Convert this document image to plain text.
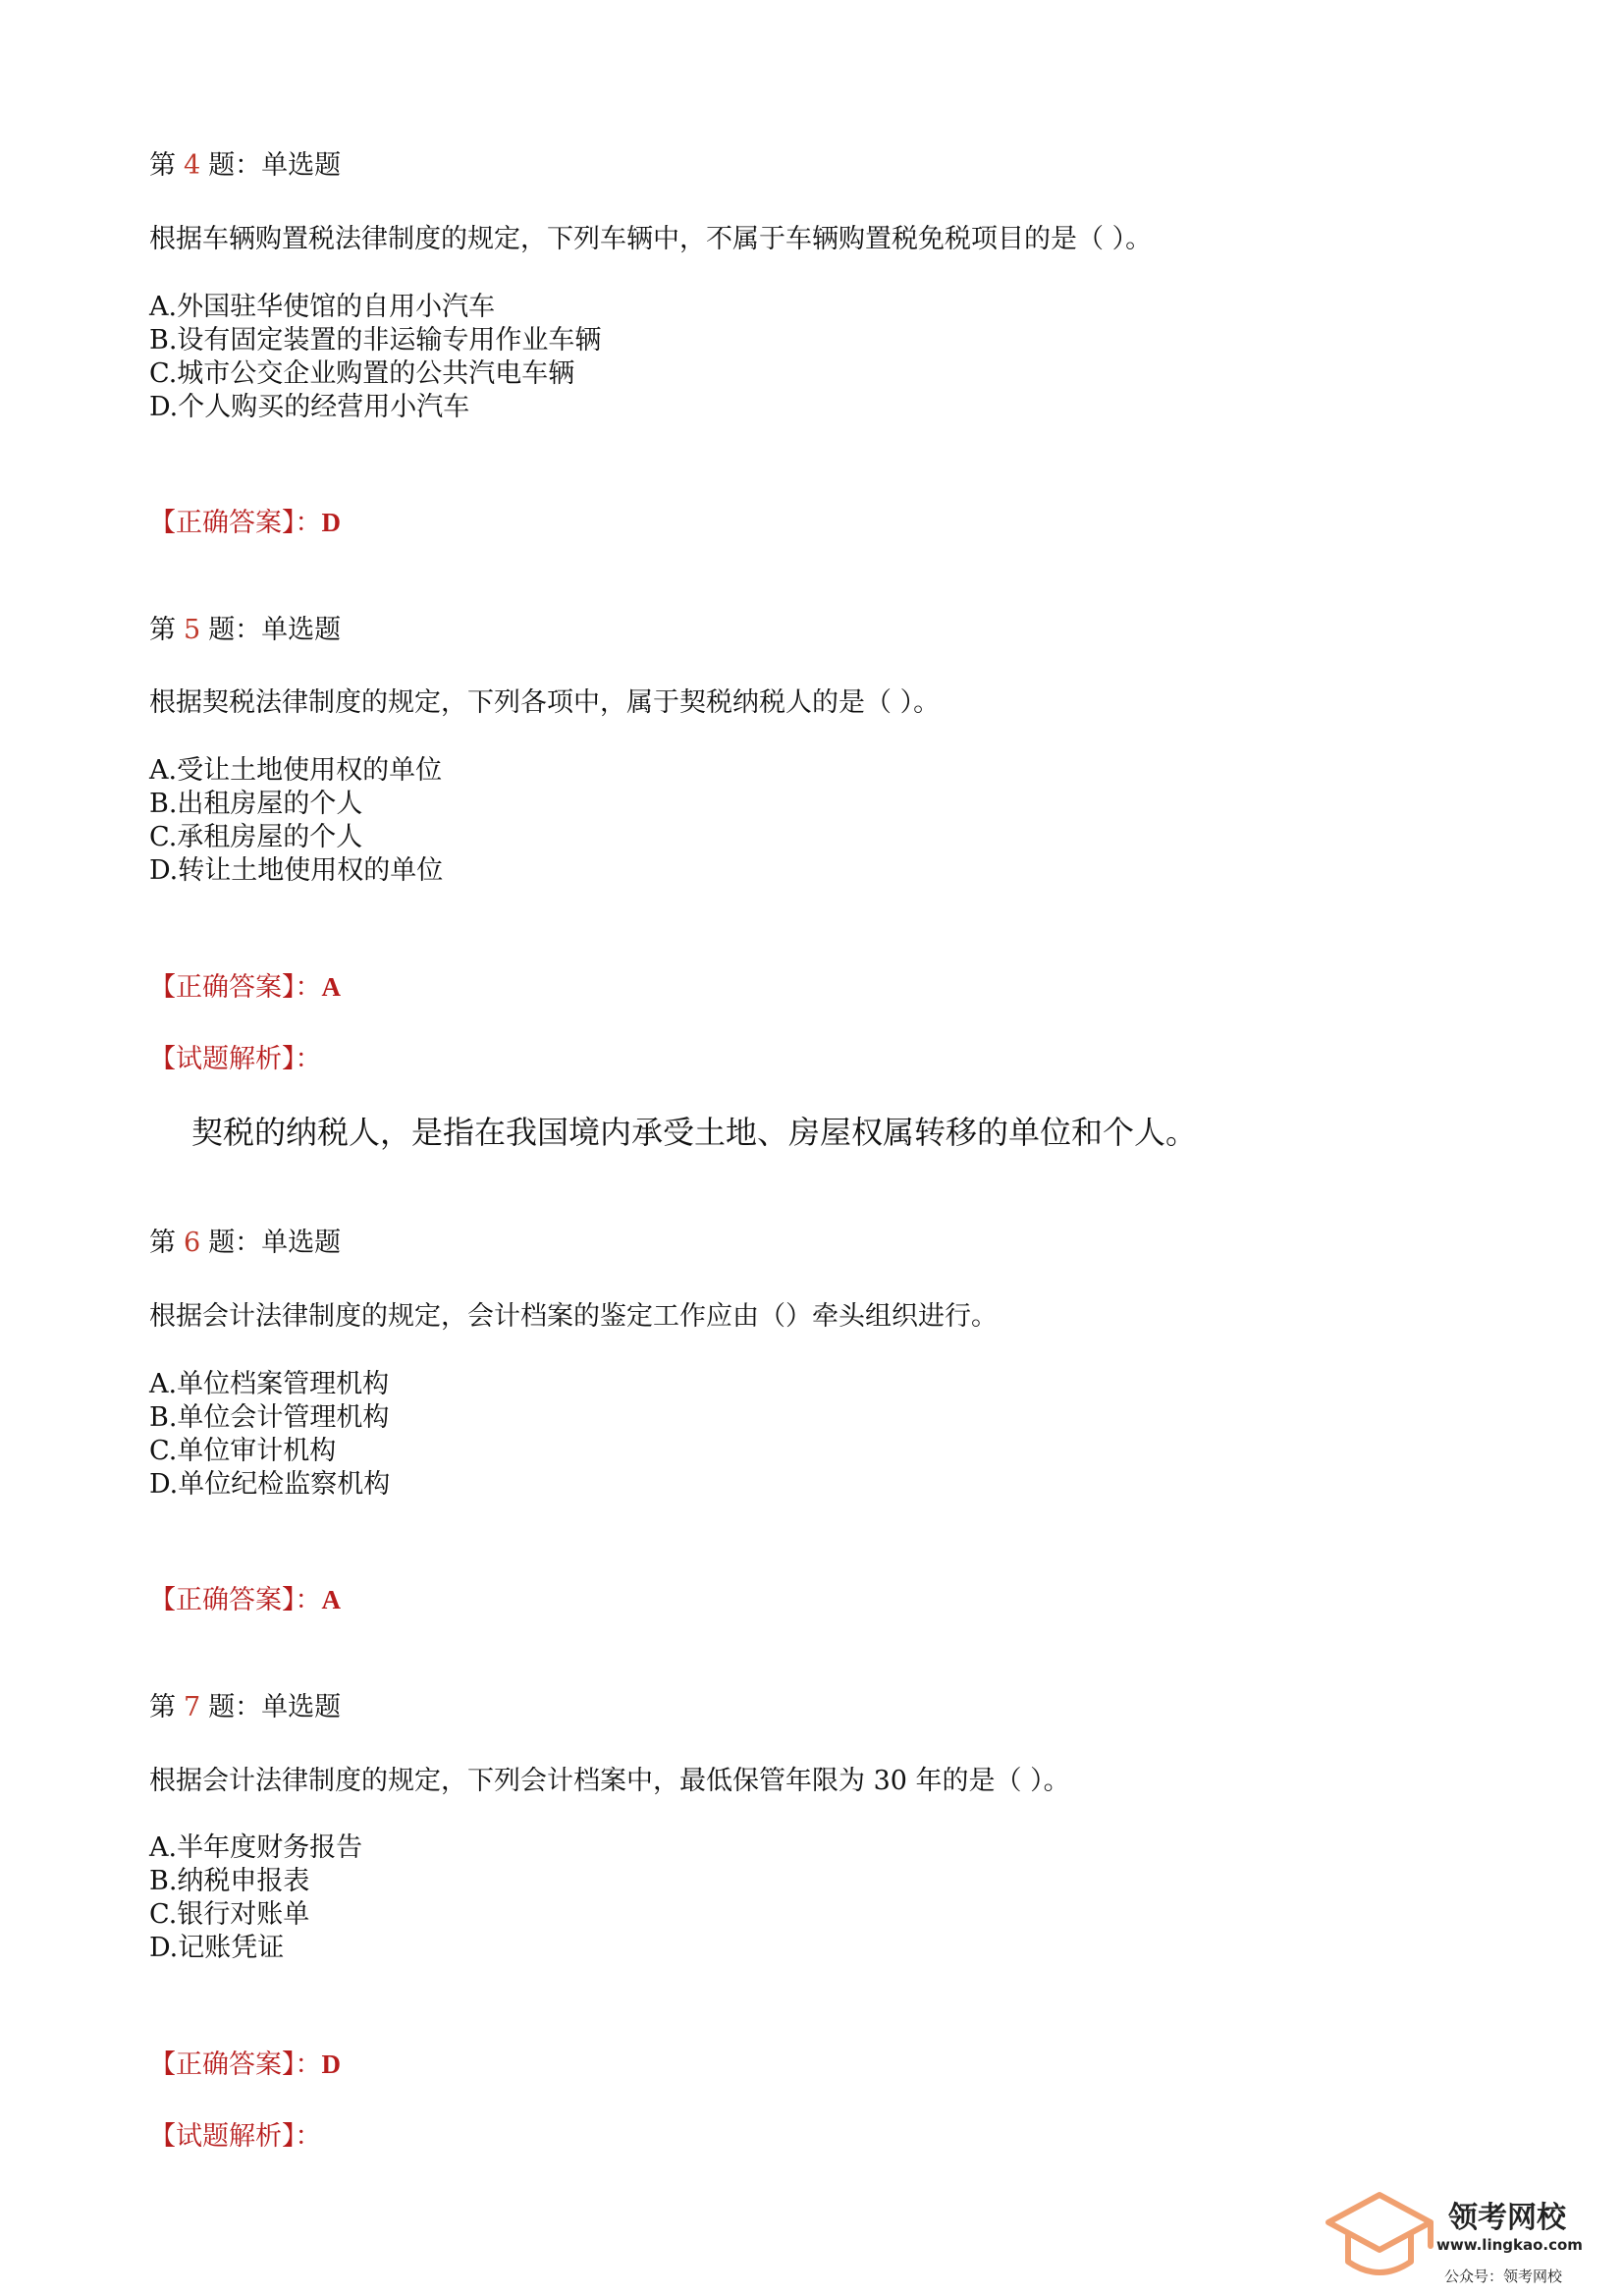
第 4 题：单选题
根据车辆购置税法律制度的规定，下列车辆中，不属于车辆购置税免税项目的是（ ）。
A.外国驻华使馆的自用小汽车
B.设有固定装置的非运输专用作业车辆
C.城市公交企业购置的公共汽电车辆
D.个人购买的经营用小汽车
【正确答案】：D
第 5 题：单选题
根据契税法律制度的规定，下列各项中，属于契税纳税人的是（ ）。
A.受让土地使用权的单位
B.出租房屋的个人
C.承租房屋的个人
D.转让土地使用权的单位
【正确答案】：A
【试题解析】：
契税的纳税人，是指在我国境内承受土地、房屋权属转移的单位和个人。
第 6 题：单选题
根据会计法律制度的规定，会计档案的鉴定工作应由（）牵头组织进行。
A.单位档案管理机构
B.单位会计管理机构
C.单位审计机构
D.单位纪检监察机构
【正确答案】：A
第 7 题：单选题
根据会计法律制度的规定，下列会计档案中，最低保管年限为 30 年的是（ ）。
A.半年度财务报告
B.纳税申报表
C.银行对账单
D.记账凭证
【正确答案】：D
【试题解析】：
领考网校
www.lingkao.com
公众号：领考网校
